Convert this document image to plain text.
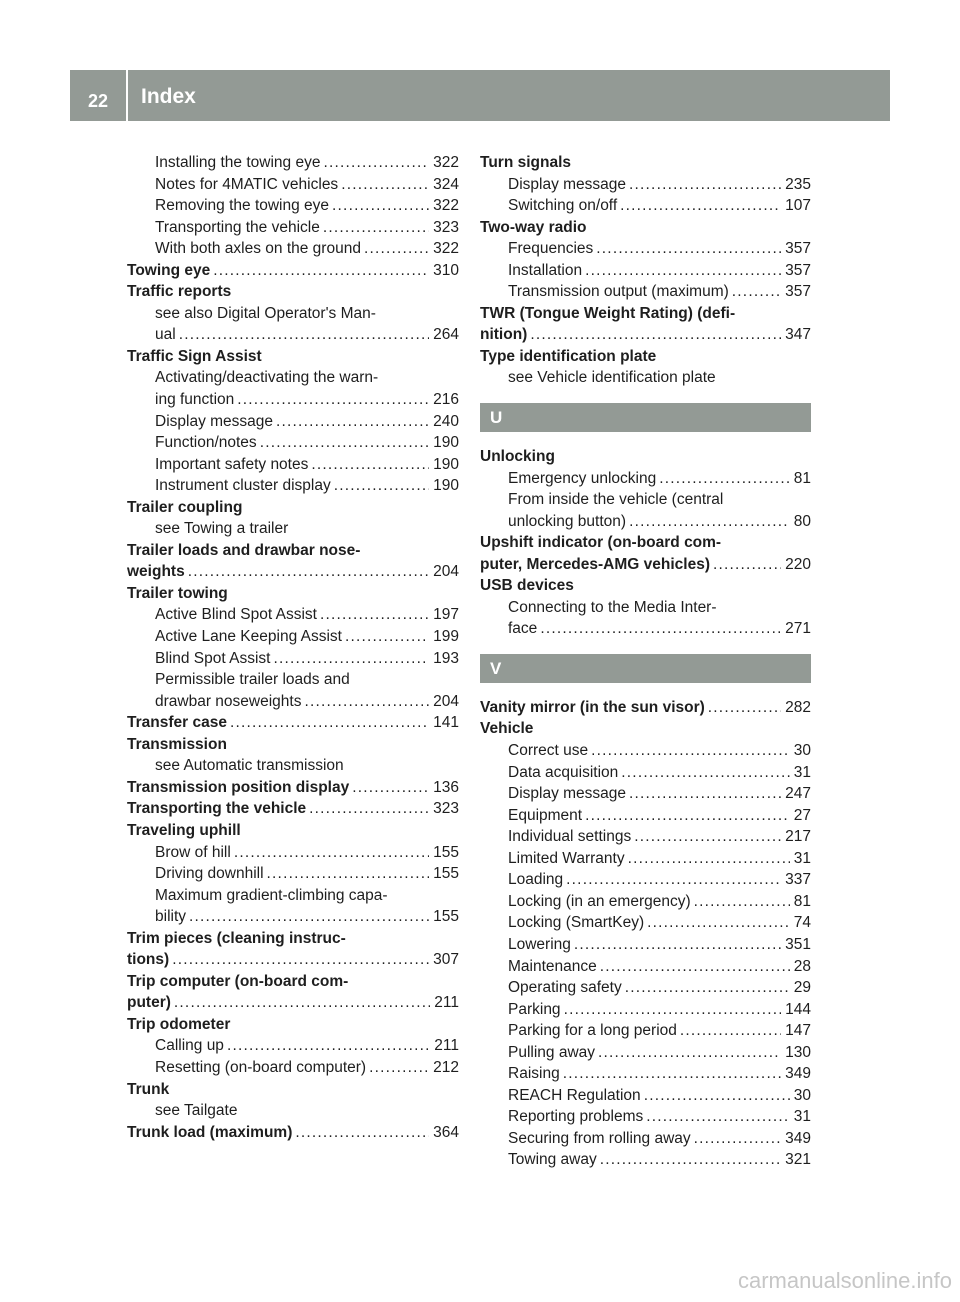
22	Index
Installing the towing eye .....	322
Notes for 4MATIC vehicles .....	324
Removing the towing eye .....	322
Transporting the vehicle .....	323
With both axles on the ground .....	322
Towing eye .....	310
Traffic reports
see also Digital Operator's Man-
ual .....	264
Traffic Sign Assist
Activating/deactivating the warn-
ing function .....	216
Display message .....	240
Function/notes .....	190
Important safety notes .....	190
Instrument cluster display .....	190
Trailer coupling
see Towing a trailer
Trailer loads and drawbar nose-
weights .....	204
Trailer towing
Active Blind Spot Assist .....	197
Active Lane Keeping Assist .....	199
Blind Spot Assist .....	193
Permissible trailer loads and
drawbar noseweights .....	204
Transfer case .....	141
Transmission
see Automatic transmission
Transmission position display .....	136
Transporting the vehicle .....	323
Traveling uphill
Brow of hill .....	155
Driving downhill .....	155
Maximum gradient-climbing capa-
bility .....	155
Trim pieces (cleaning instruc-
tions) .....	307
Trip computer (on-board com-
puter) .....	211
Trip odometer
Calling up .....	211
Resetting (on-board computer) .....	212
Trunk
see Tailgate
Trunk load (maximum) .....	364
Turn signals
Display message .....	235
Switching on/off .....	107
Two-way radio
Frequencies .....	357
Installation .....	357
Transmission output (maximum) .....	357
TWR (Tongue Weight Rating) (defi-
nition) .....	347
Type identification plate
see Vehicle identification plate
U
Unlocking
Emergency unlocking .....	81
From inside the vehicle (central
unlocking button) .....	80
Upshift indicator (on-board com-
puter, Mercedes-AMG vehicles) .....	220
USB devices
Connecting to the Media Inter-
face .....	271
V
Vanity mirror (in the sun visor) .....	282
Vehicle
Correct use .....	30
Data acquisition .....	31
Display message .....	247
Equipment .....	27
Individual settings .....	217
Limited Warranty .....	31
Loading .....	337
Locking (in an emergency) .....	81
Locking (SmartKey) .....	74
Lowering .....	351
Maintenance .....	28
Operating safety .....	29
Parking .....	144
Parking for a long period .....	147
Pulling away .....	130
Raising .....	349
REACH Regulation .....	30
Reporting problems .....	31
Securing from rolling away .....	349
Towing away .....	321
carmanualsonline.info
